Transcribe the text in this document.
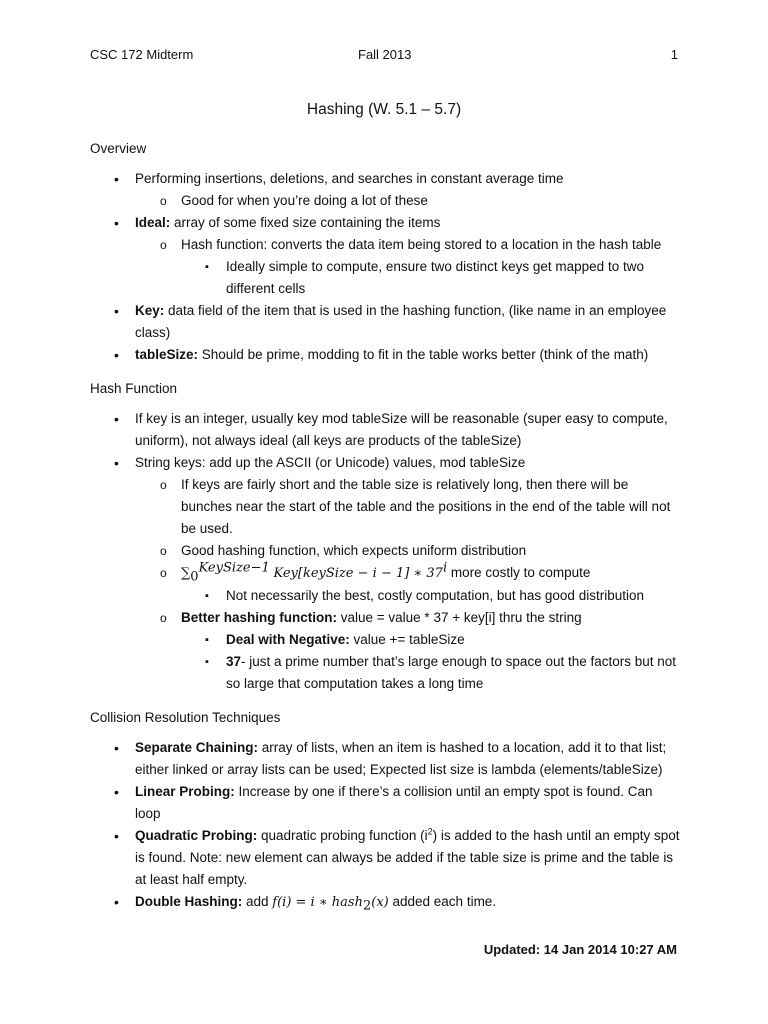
CSC 172 Midterm	Fall 2013	1
Hashing (W. 5.1 – 5.7)
Overview
• Performing insertions, deletions, and searches in constant average time
o Good for when you’re doing a lot of these
• Ideal: array of some fixed size containing the items
o Hash function: converts the data item being stored to a location in the hash table
▪ Ideally simple to compute, ensure two distinct keys get mapped to two different cells
• Key: data field of the item that is used in the hashing function, (like name in an employee class)
• tableSize: Should be prime, modding to fit in the table works better (think of the math)
Hash Function
• If key is an integer, usually key mod tableSize will be reasonable (super easy to compute, uniform), not always ideal (all keys are products of the tableSize)
• String keys: add up the ASCII (or Unicode) values, mod tableSize
o If keys are fairly short and the table size is relatively long, then there will be bunches near the start of the table and the positions in the end of the table will not be used.
o Good hashing function, which expects uniform distribution
o $\sum_0^{KeySize-1}$ Key[keySize − i − 1] ∗ 37$^i$ more costly to compute
▪ Not necessarily the best, costly computation, but has good distribution
o Better hashing function: value = value * 37 + key[i] thru the string
▪ Deal with Negative: value += tableSize
▪ 37- just a prime number that’s large enough to space out the factors but not so large that computation takes a long time
Collision Resolution Techniques
• Separate Chaining: array of lists, when an item is hashed to a location, add it to that list; either linked or array lists can be used; Expected list size is lambda (elements/tableSize)
• Linear Probing: Increase by one if there’s a collision until an empty spot is found. Can loop
• Quadratic Probing: quadratic probing function $(i^2)$ is added to the hash until an empty spot is found. Note: new element can always be added if the table size is prime and the table is at least half empty.
• Double Hashing: add f(i) = i ∗ hash$_2$(x) added each time.
Updated: 14 Jan 2014 10:27 AM
